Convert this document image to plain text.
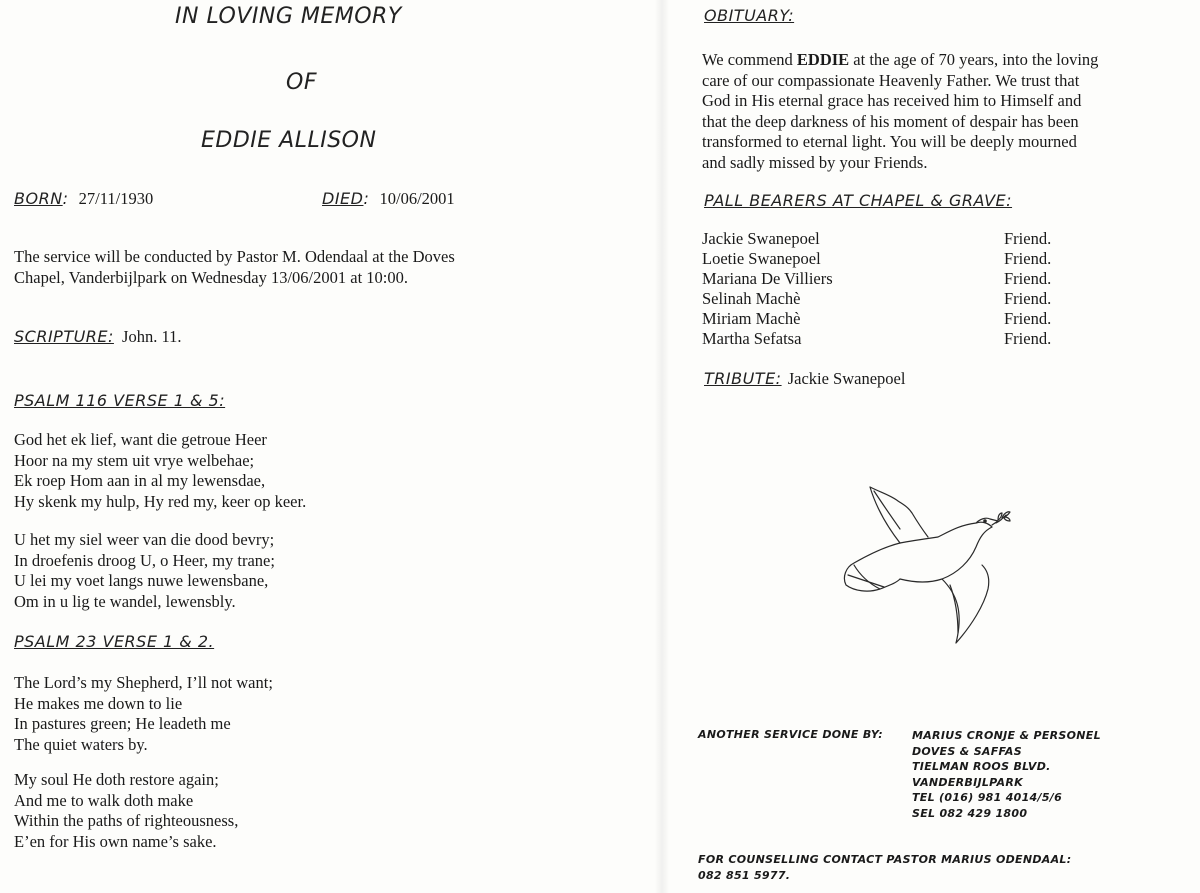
IN LOVING MEMORY
OF
EDDIE ALLISON
BORN: 27/11/1930	DIED: 10/06/2001
The service will be conducted by Pastor M. Odendaal at the Doves
Chapel, Vanderbijlpark on Wednesday 13/06/2001 at 10:00.
SCRIPTURE: John. 11.
PSALM 116 VERSE 1 & 5:
God het ek lief, want die getroue Heer
Hoor na my stem uit vrye welbehae;
Ek roep Hom aan in al my lewensdae,
Hy skenk my hulp, Hy red my, keer op keer.
U het my siel weer van die dood bevry;
In droefenis droog U, o Heer, my trane;
U lei my voet langs nuwe lewensbane,
Om in u lig te wandel, lewensbly.
PSALM 23 VERSE 1 & 2.
The Lord’s my Shepherd, I’ll not want;
He makes me down to lie
In pastures green; He leadeth me
The quiet waters by.
My soul He doth restore again;
And me to walk doth make
Within the paths of righteousness,
E’en for His own name’s sake.
OBITUARY:
We commend EDDIE at the age of 70 years, into the loving
care of our compassionate Heavenly Father. We trust that
God in His eternal grace has received him to Himself and
that the deep darkness of his moment of despair has been
transformed to eternal light. You will be deeply mourned
and sadly missed by your Friends.
PALL BEARERS AT CHAPEL & GRAVE:
Jackie Swanepoel	Friend.
Loetie Swanepoel	Friend.
Mariana De Villiers	Friend.
Selinah Machè	Friend.
Miriam Machè	Friend.
Martha Sefatsa	Friend.
TRIBUTE: Jackie Swanepoel
ANOTHER SERVICE DONE BY:	MARIUS CRONJE & PERSONEL
DOVES & SAFFAS
TIELMAN ROOS BLVD.
VANDERBIJLPARK
TEL (016) 981 4014/5/6
SEL 082 429 1800
FOR COUNSELLING CONTACT PASTOR MARIUS ODENDAAL:
082 851 5977.
